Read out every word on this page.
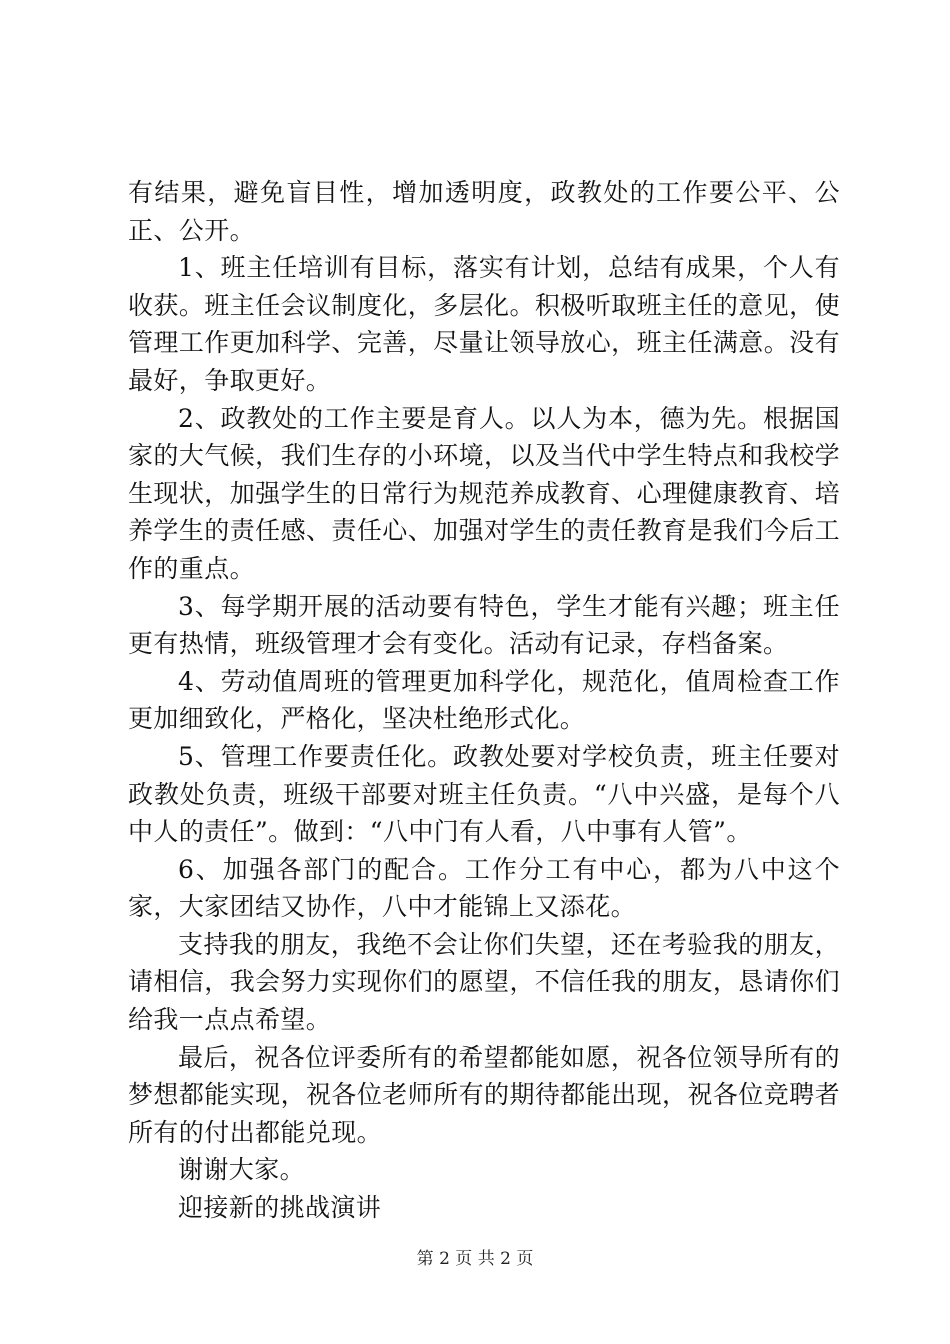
有结果，避免盲目性，增加透明度，政教处的工作要公平、公正、公开。

1、班主任培训有目标，落实有计划，总结有成果，个人有收获。班主任会议制度化，多层化。积极听取班主任的意见，使管理工作更加科学、完善，尽量让领导放心，班主任满意。没有最好，争取更好。

2、政教处的工作主要是育人。以人为本，德为先。根据国家的大气候，我们生存的小环境，以及当代中学生特点和我校学生现状，加强学生的日常行为规范养成教育、心理健康教育、培养学生的责任感、责任心、加强对学生的责任教育是我们今后工作的重点。

3、每学期开展的活动要有特色，学生才能有兴趣；班主任更有热情，班级管理才会有变化。活动有记录，存档备案。

4、劳动值周班的管理更加科学化，规范化，值周检查工作更加细致化，严格化，坚决杜绝形式化。

5、管理工作要责任化。政教处要对学校负责，班主任要对政教处负责，班级干部要对班主任负责。“八中兴盛，是每个八中人的责任”。做到：“八中门有人看，八中事有人管”。

6、加强各部门的配合。工作分工有中心，都为八中这个家，大家团结又协作，八中才能锦上又添花。

支持我的朋友，我绝不会让你们失望，还在考验我的朋友，请相信，我会努力实现你们的愿望，不信任我的朋友，恳请你们给我一点点希望。

最后，祝各位评委所有的希望都能如愿，祝各位领导所有的梦想都能实现，祝各位老师所有的期待都能出现，祝各位竞聘者所有的付出都能兑现。

谢谢大家。

迎接新的挑战演讲

第 2 页 共 2 页
